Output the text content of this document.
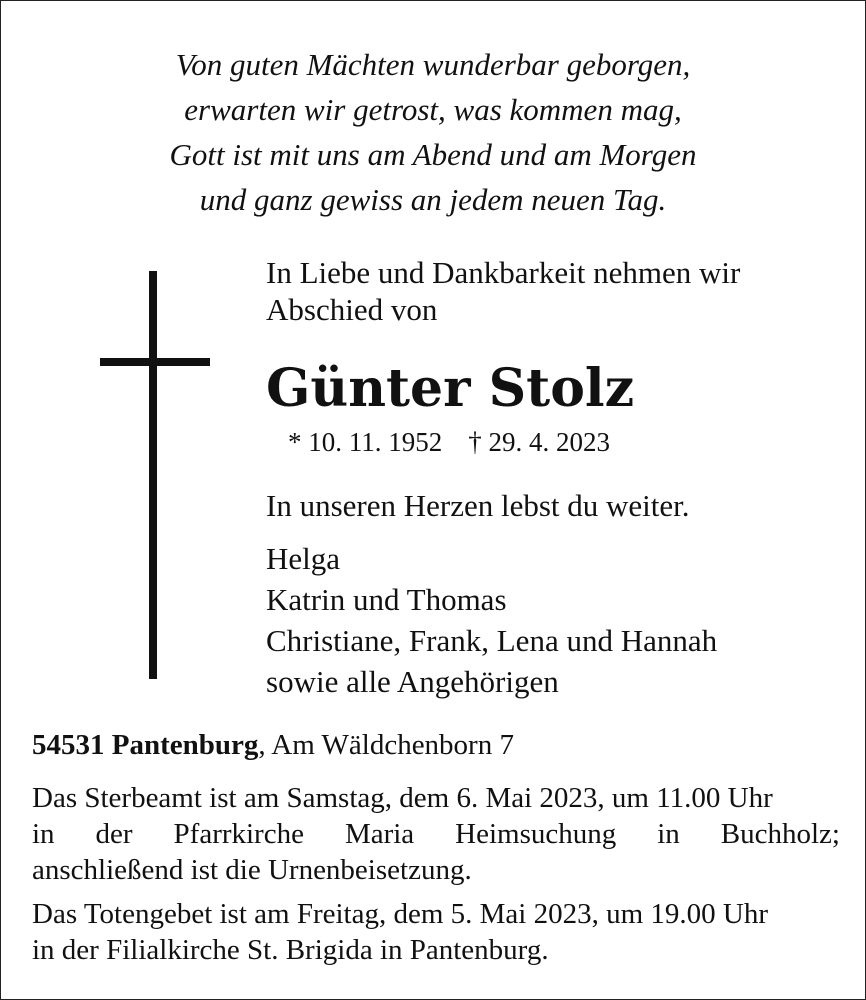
Von guten Mächten wunderbar geborgen,
erwarten wir getrost, was kommen mag,
Gott ist mit uns am Abend und am Morgen
und ganz gewiss an jedem neuen Tag.
In Liebe und Dankbarkeit nehmen wir
Abschied von
Günter Stolz
* 10. 11. 1952 † 29. 4. 2023
In unseren Herzen lebst du weiter.
Helga
Katrin und Thomas
Christiane, Frank, Lena und Hannah
sowie alle Angehörigen
54531 Pantenburg, Am Wäldchenborn 7
Das Sterbeamt ist am Samstag, dem 6. Mai 2023, um 11.00 Uhr
in der Pfarrkirche Maria Heimsuchung in Buchholz;
anschließend ist die Urnenbeisetzung.
Das Totengebet ist am Freitag, dem 5. Mai 2023, um 19.00 Uhr
in der Filialkirche St. Brigida in Pantenburg.
